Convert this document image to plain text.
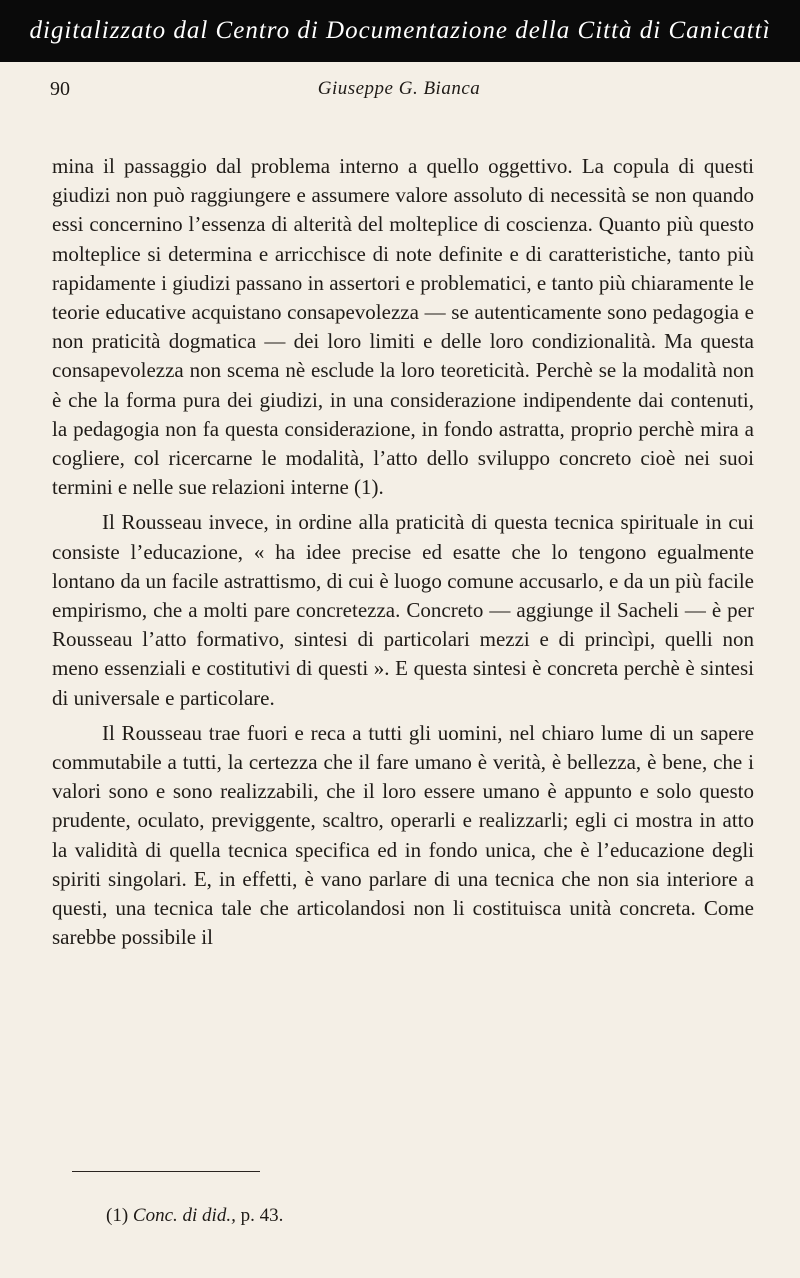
digitalizzato dal Centro di Documentazione della Città di Canicattì
90	Giuseppe G. Bianca

mina il passaggio dal problema interno a quello oggettivo. La copula di questi giudizi non può raggiungere e assumere valore assoluto di necessità se non quando essi concernino l’essenza di alterità del molteplice di coscienza. Quanto più questo molteplice si determina e arricchisce di note definite e di caratteristiche, tanto più rapidamente i giudizi passano in assertori e problematici, e tanto più chiaramente le teorie educative acquistano consapevolezza — se autenticamente sono pedagogia e non praticità dogmatica — dei loro limiti e delle loro condizionalità. Ma questa consapevolezza non scema nè esclude la loro teoreticità. Perchè se la modalità non è che la forma pura dei giudizi, in una considerazione indipendente dai contenuti, la pedagogia non fa questa considerazione, in fondo astratta, proprio perchè mira a cogliere, col ricercarne le modalità, l’atto dello sviluppo concreto cioè nei suoi termini e nelle sue relazioni interne (1).

Il Rousseau invece, in ordine alla praticità di questa tecnica spirituale in cui consiste l’educazione, « ha idee precise ed esatte che lo tengono egualmente lontano da un facile astrattismo, di cui è luogo comune accusarlo, e da un più facile empirismo, che a molti pare concretezza. Concreto — aggiunge il Sacheli — è per Rousseau l’atto formativo, sintesi di particolari mezzi e di princìpi, quelli non meno essenziali e costitutivi di questi ». E questa sintesi è concreta perchè è sintesi di universale e particolare.

Il Rousseau trae fuori e reca a tutti gli uomini, nel chiaro lume di un sapere commutabile a tutti, la certezza che il fare umano è verità, è bellezza, è bene, che i valori sono e sono realizzabili, che il loro essere umano è appunto e solo questo prudente, oculato, previggente, scaltro, operarli e realizzarli; egli ci mostra in atto la validità di quella tecnica specifica ed in fondo unica, che è l’educazione degli spiriti singolari. E, in effetti, è vano parlare di una tecnica che non sia interiore a questi, una tecnica tale che articolandosi non li costituisca unità concreta. Come sarebbe possibile il

(1) Conc. di did., p. 43.
